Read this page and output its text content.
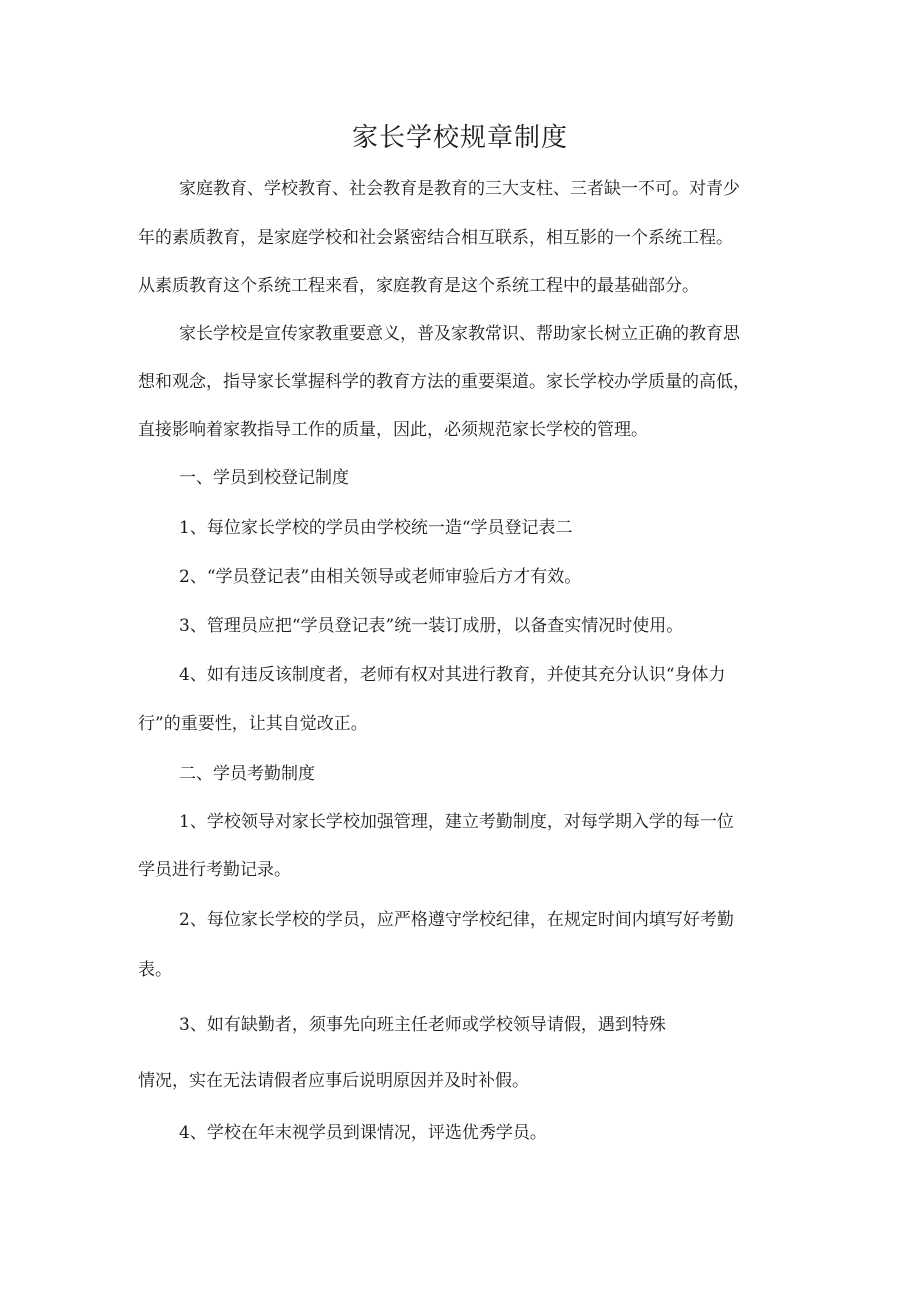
家长学校规章制度
家庭教育、学校教育、社会教育是教育的三大支柱、三者缺一不可。对青少
年的素质教育，是家庭学校和社会紧密结合相互联系，相互影的一个系统工程。
从素质教育这个系统工程来看，家庭教育是这个系统工程中的最基础部分。
家长学校是宣传家教重要意义，普及家教常识、帮助家长树立正确的教育思
想和观念，指导家长掌握科学的教育方法的重要渠道。家长学校办学质量的高低，
直接影响着家教指导工作的质量，因此，必须规范家长学校的管理。
一、学员到校登记制度
1、每位家长学校的学员由学校统一造“学员登记表二
2、“学员登记表”由相关领导或老师审验后方才有效。
3、管理员应把“学员登记表”统一装订成册，以备查实情况时使用。
4、如有违反该制度者，老师有权对其进行教育，并使其充分认识“身体力
行”的重要性，让其自觉改正。
二、学员考勤制度
1、学校领导对家长学校加强管理，建立考勤制度，对每学期入学的每一位
学员进行考勤记录。
2、每位家长学校的学员，应严格遵守学校纪律，在规定时间内填写好考勤
表。
3、如有缺勤者，须事先向班主任老师或学校领导请假，遇到特殊
情况，实在无法请假者应事后说明原因并及时补假。
4、学校在年末视学员到课情况，评选优秀学员。
